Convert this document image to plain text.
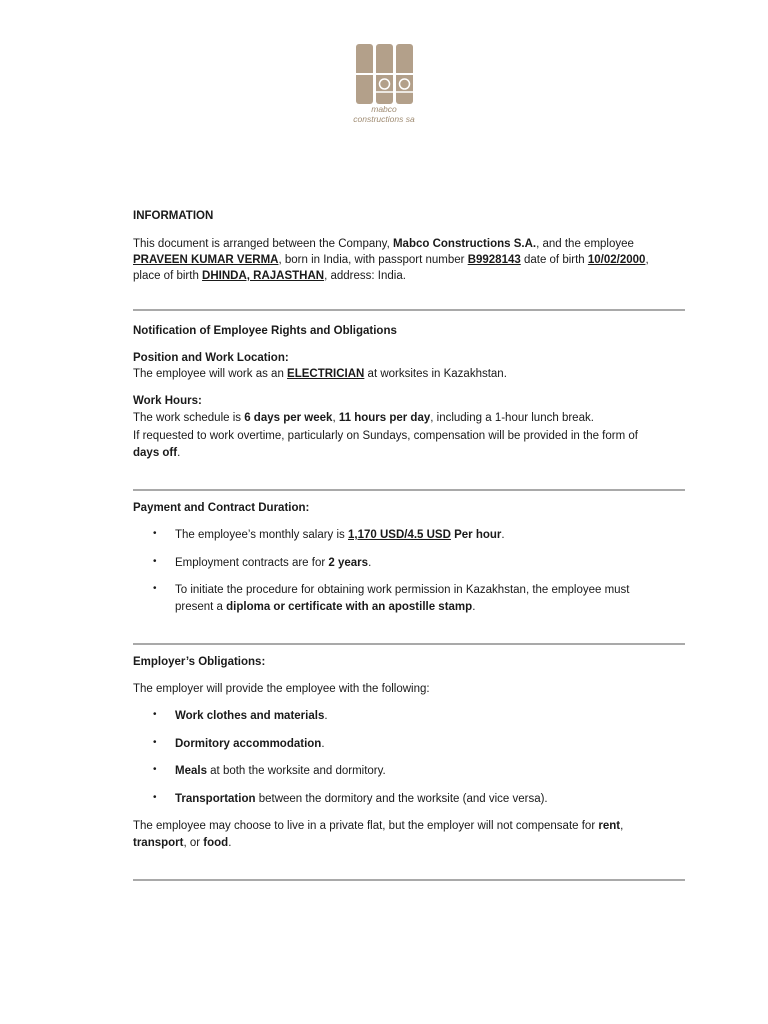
mabco
constructions sa
INFORMATION
This document is arranged between the Company, Mabco Constructions S.A., and the employee
PRAVEEN KUMAR VERMA, born in India, with passport number B9928143 date of birth 10/02/2000,
place of birth DHINDA, RAJASTHAN, address: India.
Notification of Employee Rights and Obligations
Position and Work Location:
The employee will work as an ELECTRICIAN at worksites in Kazakhstan.
Work Hours:
The work schedule is 6 days per week, 11 hours per day, including a 1-hour lunch break.
If requested to work overtime, particularly on Sundays, compensation will be provided in the form of
days off.
Payment and Contract Duration:
• The employee’s monthly salary is 1,170 USD/4.5 USD Per hour.
• Employment contracts are for 2 years.
• To initiate the procedure for obtaining work permission in Kazakhstan, the employee must
present a diploma or certificate with an apostille stamp.
Employer’s Obligations:
The employer will provide the employee with the following:
• Work clothes and materials.
• Dormitory accommodation.
• Meals at both the worksite and dormitory.
• Transportation between the dormitory and the worksite (and vice versa).
The employee may choose to live in a private flat, but the employer will not compensate for rent,
transport, or food.
